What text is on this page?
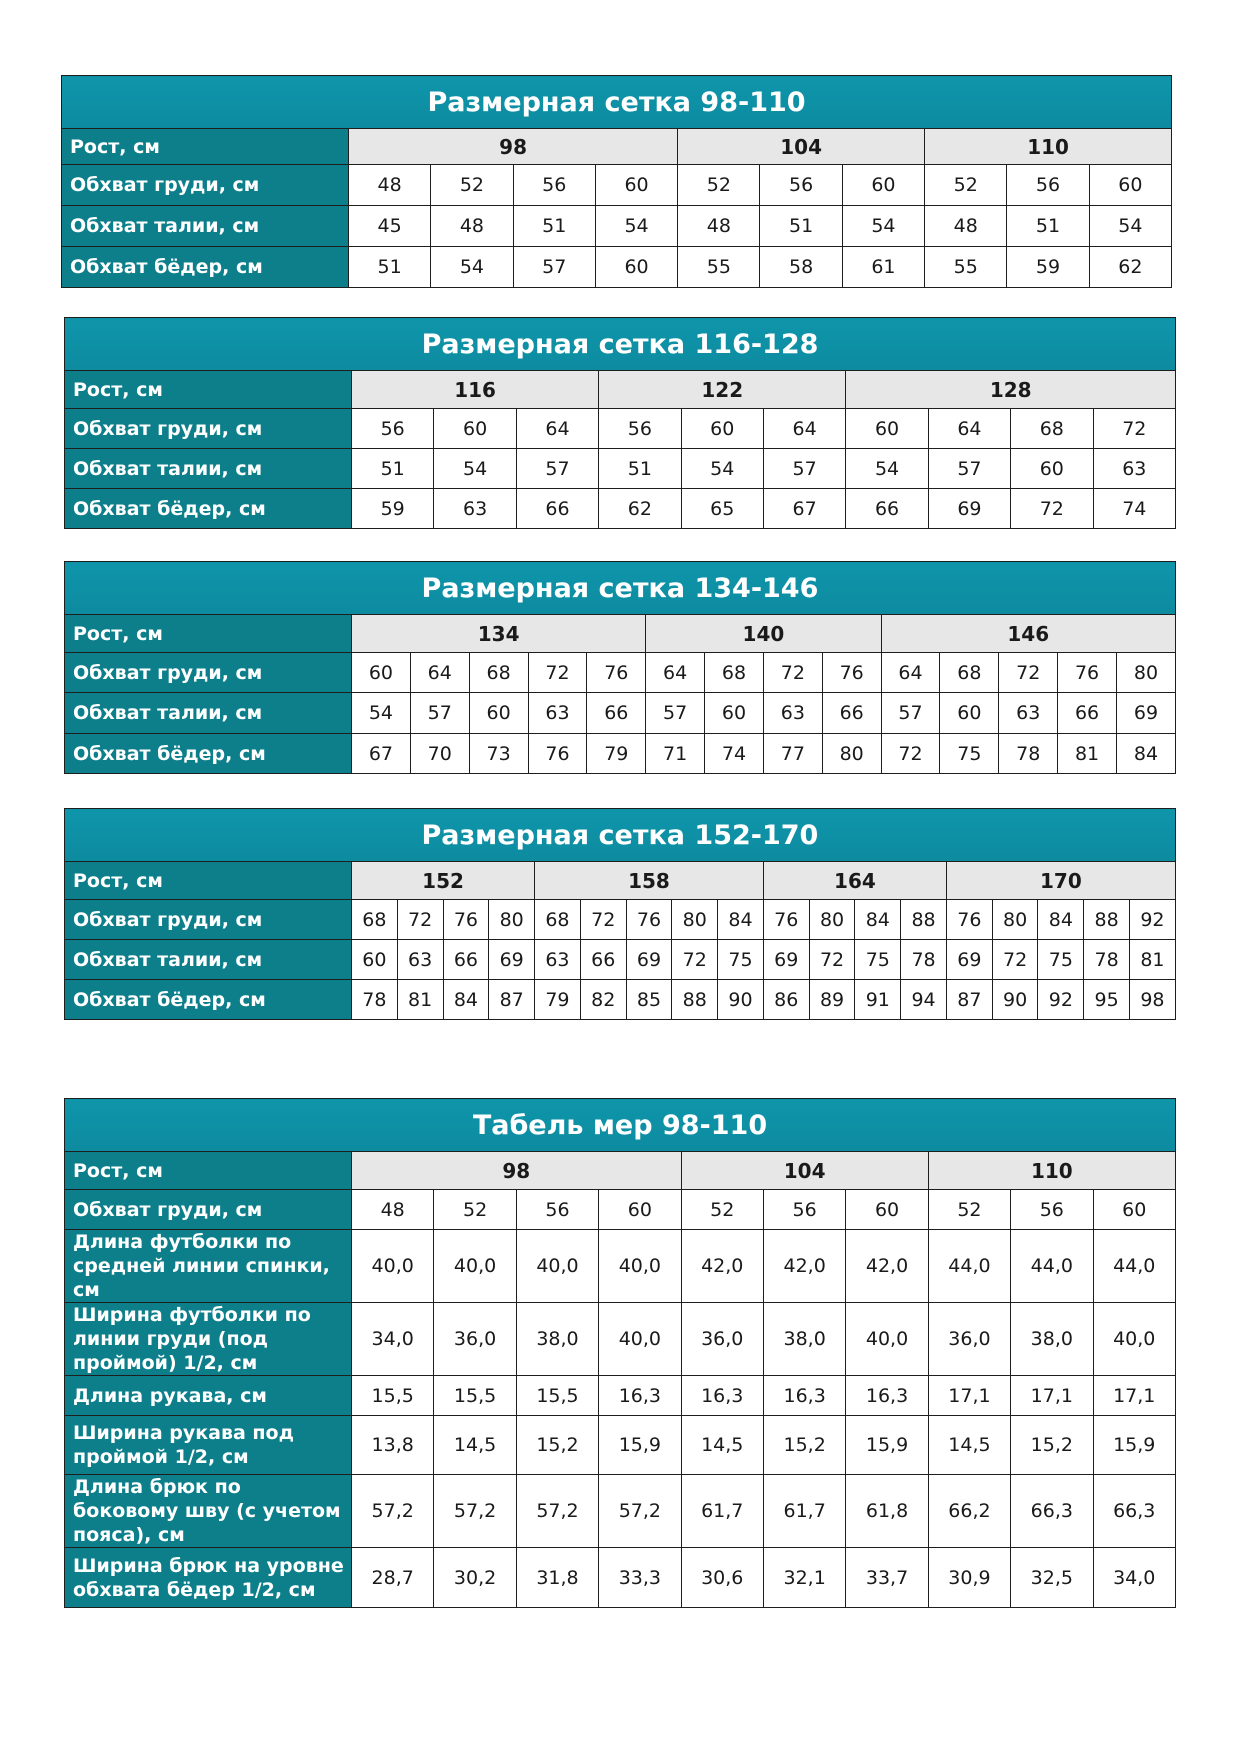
Размерная сетка 98-110										
Рост, см	98				104			110		
Обхват груди, см	48	52	56	60	52	56	60	52	56	60
Обхват талии, см	45	48	51	54	48	51	54	48	51	54
Обхват бёдер, см	51	54	57	60	55	58	61	55	59	62
Размерная сетка 116-128										
Рост, см	116			122			128			
Обхват груди, см	56	60	64	56	60	64	60	64	68	72
Обхват талии, см	51	54	57	51	54	57	54	57	60	63
Обхват бёдер, см	59	63	66	62	65	67	66	69	72	74
Размерная сетка 134-146														
Рост, см	134					140				146				
Обхват груди, см	60	64	68	72	76	64	68	72	76	64	68	72	76	80
Обхват талии, см	54	57	60	63	66	57	60	63	66	57	60	63	66	69
Обхват бёдер, см	67	70	73	76	79	71	74	77	80	72	75	78	81	84
Размерная сетка 152-170																		
Рост, см	152				158					164				170				
Обхват груди, см	68	72	76	80	68	72	76	80	84	76	80	84	88	76	80	84	88	92
Обхват талии, см	60	63	66	69	63	66	69	72	75	69	72	75	78	69	72	75	78	81
Обхват бёдер, см	78	81	84	87	79	82	85	88	90	86	89	91	94	87	90	92	95	98
Табель мер 98-110										
Рост, см	98				104			110		
Обхват груди, см	48	52	56	60	52	56	60	52	56	60
Длина футболки по средней линии спинки, см	40,0	40,0	40,0	40,0	42,0	42,0	42,0	44,0	44,0	44,0
Ширина футболки по линии груди (под проймой) 1/2, см	34,0	36,0	38,0	40,0	36,0	38,0	40,0	36,0	38,0	40,0
Длина рукава, см	15,5	15,5	15,5	16,3	16,3	16,3	16,3	17,1	17,1	17,1
Ширина рукава под проймой 1/2, см	13,8	14,5	15,2	15,9	14,5	15,2	15,9	14,5	15,2	15,9
Длина брюк по боковому шву (с учетом пояса), см	57,2	57,2	57,2	57,2	61,7	61,7	61,8	66,2	66,3	66,3
Ширина брюк на уровне обхвата бёдер 1/2, см	28,7	30,2	31,8	33,3	30,6	32,1	33,7	30,9	32,5	34,0
